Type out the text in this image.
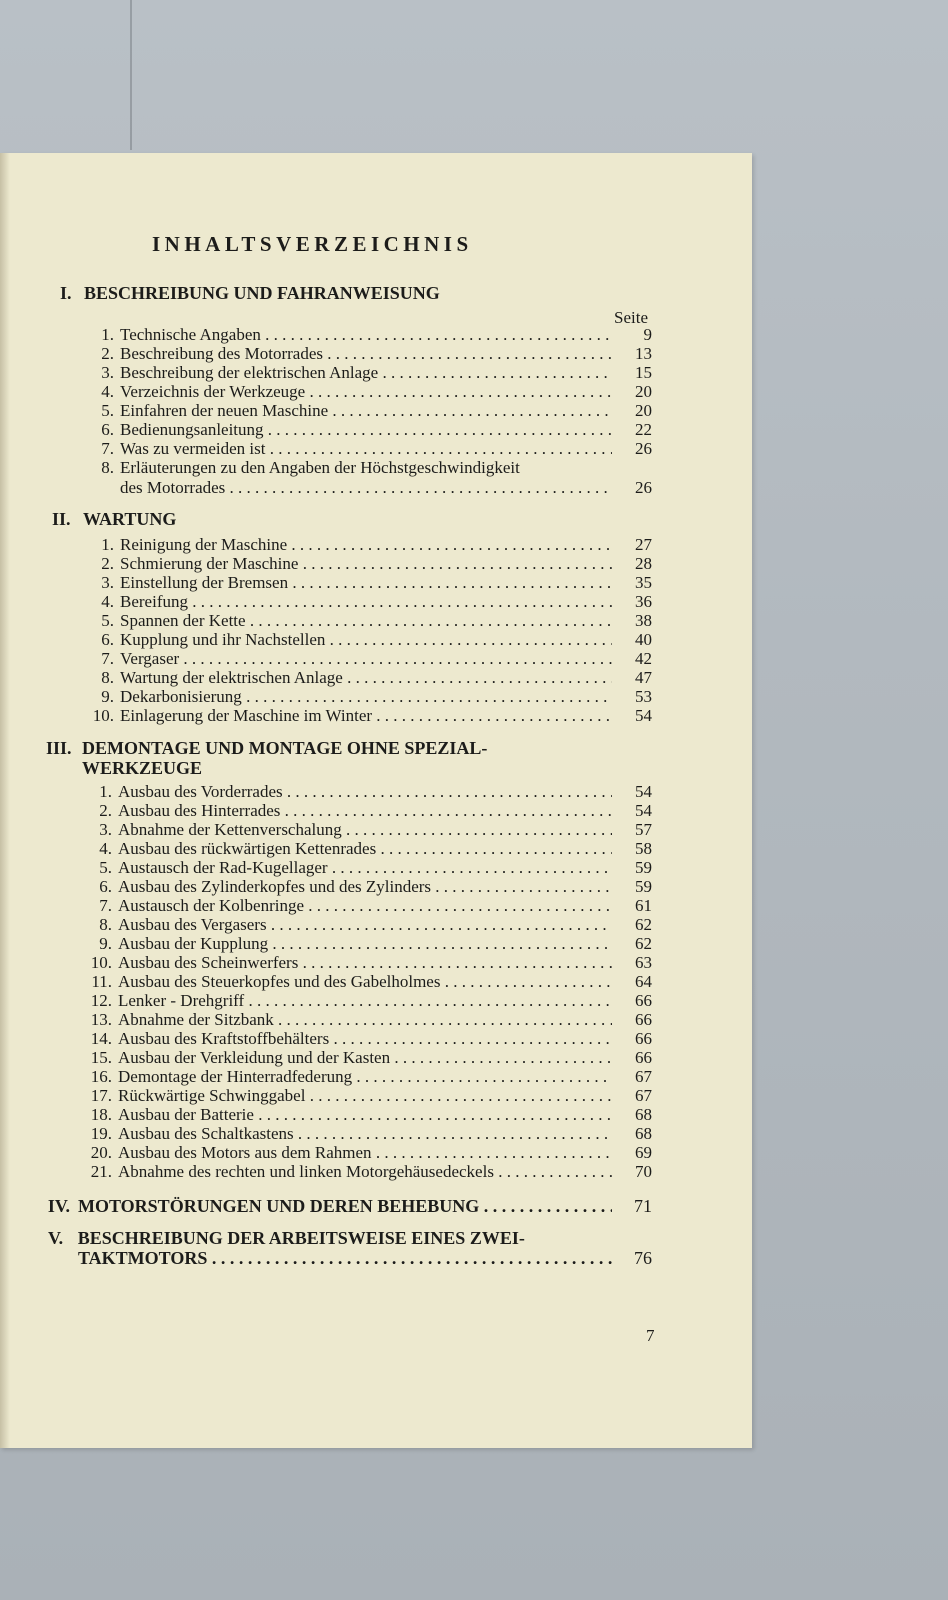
INHALTSVERZEICHNIS
I. BESCHREIBUNG UND FAHRANWEISUNG
Seite
1. Technische Angaben . . .	9
2. Beschreibung des Motorrades . . .	13
3. Beschreibung der elektrischen Anlage . . .	15
4. Verzeichnis der Werkzeuge . . .	20
5. Einfahren der neuen Maschine . . .	20
6. Bedienungsanleitung . . .	22
7. Was zu vermeiden ist . . .	26
8. Erläuterungen zu den Angaben der Höchstgeschwindigkeit
des Motorrades . . .	26
II. WARTUNG
1. Reinigung der Maschine . . .	27
2. Schmierung der Maschine . . .	28
3. Einstellung der Bremsen . . .	35
4. Bereifung . . .	36
5. Spannen der Kette . . .	38
6. Kupplung und ihr Nachstellen . . .	40
7. Vergaser . . .	42
8. Wartung der elektrischen Anlage . . .	47
9. Dekarbonisierung . . .	53
10. Einlagerung der Maschine im Winter . . .	54
III. DEMONTAGE UND MONTAGE OHNE SPEZIAL-
WERKZEUGE
1. Ausbau des Vorderrades . . .	54
2. Ausbau des Hinterrades . . .	54
3. Abnahme der Kettenverschalung . . .	57
4. Ausbau des rückwärtigen Kettenrades . . .	58
5. Austausch der Rad-Kugellager . . .	59
6. Ausbau des Zylinderkopfes und des Zylinders . . .	59
7. Austausch der Kolbenringe . . .	61
8. Ausbau des Vergasers . . .	62
9. Ausbau der Kupplung . . .	62
10. Ausbau des Scheinwerfers . . .	63
11. Ausbau des Steuerkopfes und des Gabelholmes . . .	64
12. Lenker - Drehgriff . . .	66
13. Abnahme der Sitzbank . . .	66
14. Ausbau des Kraftstoffbehälters . . .	66
15. Ausbau der Verkleidung und der Kasten . . .	66
16. Demontage der Hinterradfederung . . .	67
17. Rückwärtige Schwinggabel . . .	67
18. Ausbau der Batterie . . .	68
19. Ausbau des Schaltkastens . . .	68
20. Ausbau des Motors aus dem Rahmen . . .	69
21. Abnahme des rechten und linken Motorgehäusedeckels . . .	70
IV. MOTORSTÖRUNGEN UND DEREN BEHEBUNG . . .	71
V. BESCHREIBUNG DER ARBEITSWEISE EINES ZWEI-
TAKTMOTORS . . .	76
7
